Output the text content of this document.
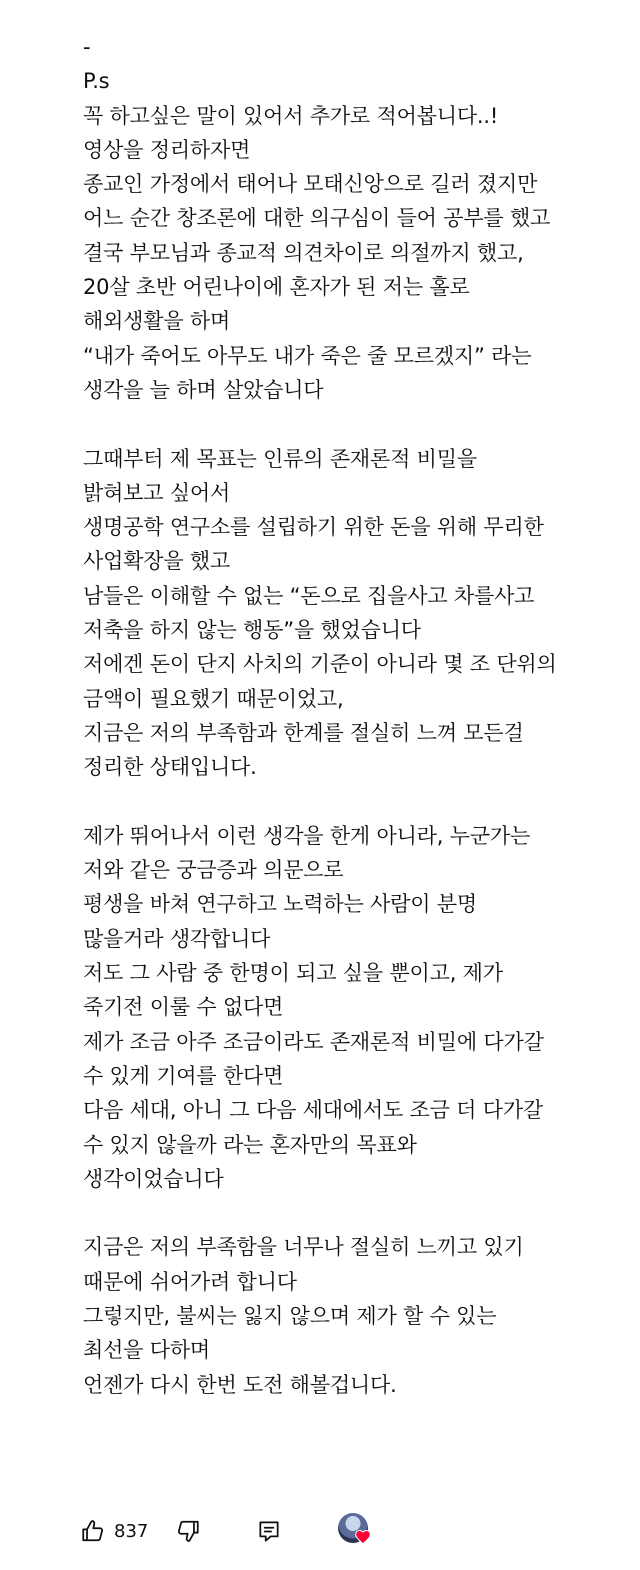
-
P.s
꼭 하고싶은 말이 있어서 추가로 적어봅니다..!
영상을 정리하자면
종교인 가정에서 태어나 모태신앙으로 길러 졌지만
어느 순간 창조론에 대한 의구심이 들어 공부를 했고
결국 부모님과 종교적 의견차이로 의절까지 했고,
20살 초반 어린나이에 혼자가 된 저는 홀로
해외생활을 하며
“내가 죽어도 아무도 내가 죽은 줄 모르겠지” 라는
생각을 늘 하며 살았습니다
그때부터 제 목표는 인류의 존재론적 비밀을
밝혀보고 싶어서
생명공학 연구소를 설립하기 위한 돈을 위해 무리한
사업확장을 했고
남들은 이해할 수 없는 “돈으로 집을사고 차를사고
저축을 하지 않는 행동”을 했었습니다
저에겐 돈이 단지 사치의 기준이 아니라 몇 조 단위의
금액이 필요했기 때문이었고,
지금은 저의 부족함과 한계를 절실히 느껴 모든걸
정리한 상태입니다.
제가 뛰어나서 이런 생각을 한게 아니라, 누군가는
저와 같은 궁금증과 의문으로
평생을 바쳐 연구하고 노력하는 사람이 분명
많을거라 생각합니다
저도 그 사람 중 한명이 되고 싶을 뿐이고, 제가
죽기전 이룰 수 없다면
제가 조금 아주 조금이라도 존재론적 비밀에 다가갈
수 있게 기여를 한다면
다음 세대, 아니 그 다음 세대에서도 조금 더 다가갈
수 있지 않을까 라는 혼자만의 목표와
생각이었습니다
지금은 저의 부족함을 너무나 절실히 느끼고 있기
때문에 쉬어가려 합니다
그렇지만, 불씨는 잃지 않으며 제가 할 수 있는
최선을 다하며
언젠가 다시 한번 도전 해볼겁니다.
837
